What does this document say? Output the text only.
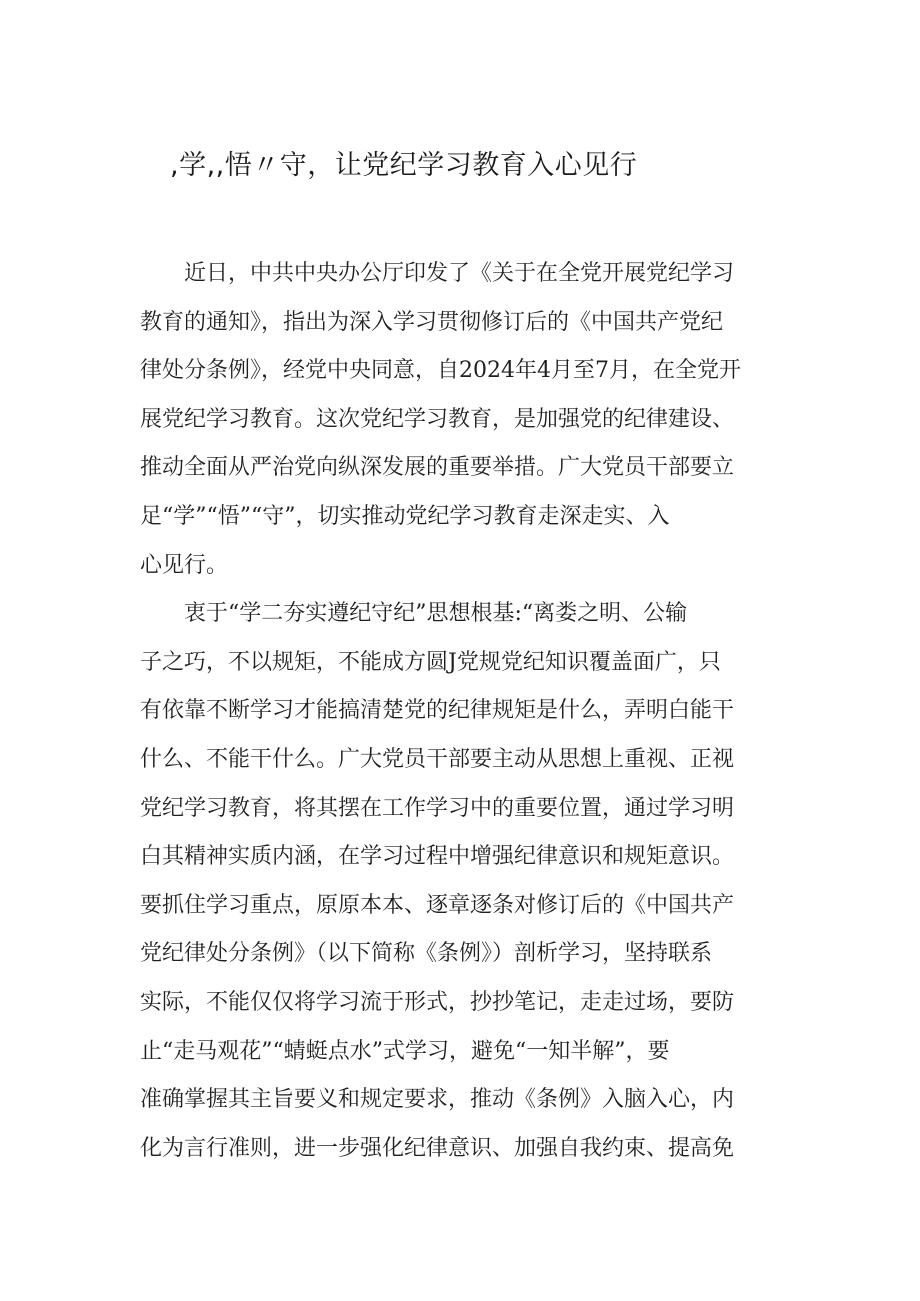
,学,,悟〃守，让党纪学习教育入心见行
近日，中共中央办公厅印发了《关于在全党开展党纪学习
教育的通知》，指出为深入学习贯彻修订后的《中国共产党纪
律处分条例》，经党中央同意，自2024年4月至7月，在全党开
展党纪学习教育。这次党纪学习教育，是加强党的纪律建设、
推动全面从严治党向纵深发展的重要举措。广大党员干部要立
足“学”“悟”“守”，切实推动党纪学习教育走深走实、入
心见行。
衷于“学二夯实遵纪守纪”思想根基:“离娄之明、公输
子之巧，不以规矩，不能成方圆J党规党纪知识覆盖面广，只
有依靠不断学习才能搞清楚党的纪律规矩是什么，弄明白能干
什么、不能干什么。广大党员干部要主动从思想上重视、正视
党纪学习教育，将其摆在工作学习中的重要位置，通过学习明
白其精神实质内涵，在学习过程中增强纪律意识和规矩意识。
要抓住学习重点，原原本本、逐章逐条对修订后的《中国共产
党纪律处分条例》（以下简称《条例》）剖析学习，坚持联系
实际，不能仅仅将学习流于形式，抄抄笔记，走走过场，要防
止“走马观花”“蜻蜓点水”式学习，避免“一知半解”，要
准确掌握其主旨要义和规定要求，推动《条例》入脑入心，内
化为言行准则，进一步强化纪律意识、加强自我约束、提高免
